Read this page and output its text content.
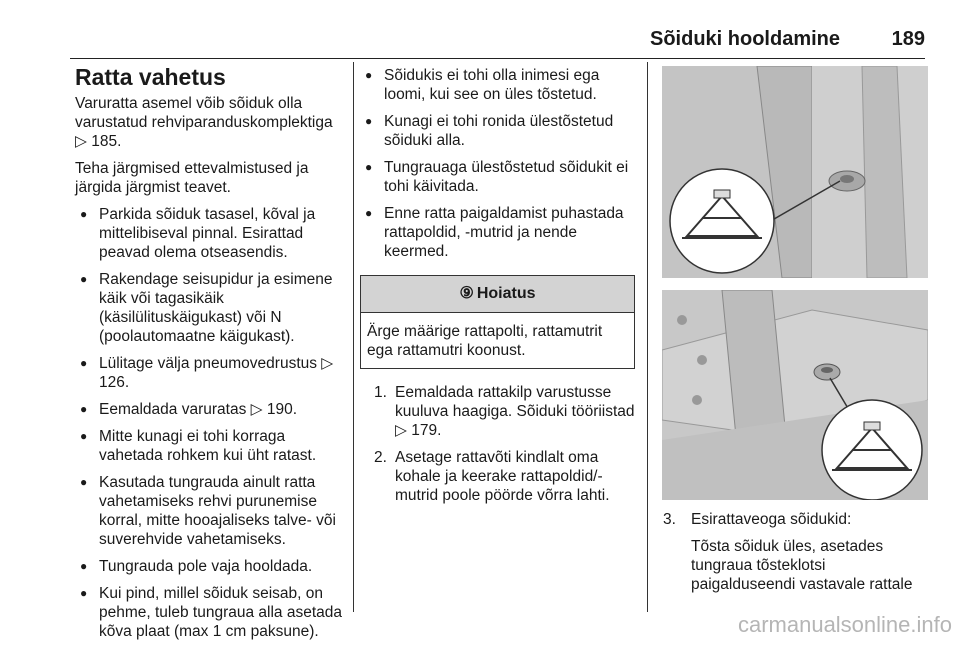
Sõiduki hooldamine	189
Ratta vahetus

Varuratta asemel võib sõiduk olla varustatud rehviparanduskomplektiga ▷ 185.

Teha järgmised ettevalmistused ja järgida järgmist teavet.

● Parkida sõiduk tasasel, kõval ja mittelibiseval pinnal. Esirattad peavad olema otseasendis.
● Rakendage seisupidur ja esimene käik või tagasikäik (käsilülituskäigukast) või N (poolautomaatne käigukast).
● Lülitage välja pneumovedrustus ▷ 126.
● Eemaldada varuratas ▷ 190.
● Mitte kunagi ei tohi korraga vahetada rohkem kui üht ratast.
● Kasutada tungrauda ainult ratta vahetamiseks rehvi purunemise korral, mitte hooajaliseks talve- või suverehvide vahetamiseks.
● Tungrauda pole vaja hooldada.
● Kui pind, millel sõiduk seisab, on pehme, tuleb tungraua alla asetada kõva plaat (max 1 cm paksune).
● Sõidukis ei tohi olla inimesi ega loomi, kui see on üles tõstetud.
● Kunagi ei tohi ronida ülestõstetud sõiduki alla.
● Tungrauaga ülestõstetud sõidukit ei tohi käivitada.
● Enne ratta paigaldamist puhastada rattapoldid, -mutrid ja nende keermed.
⑨ Hoiatus
Ärge määrige rattapolti, rattamutrit ega rattamutri koonust.
1. Eemaldada rattakilp varustusse kuuluva haagiga. Sõiduki tööriistad ▷ 179.
2. Asetage rattavõti kindlalt oma kohale ja keerake rattapoldid/-mutrid poole pöörde võrra lahti.
3. Esirattaveoga sõidukid:
Tõsta sõiduk üles, asetades tungraua tõsteklotsi paigalduseendi vastavale rattale
carmanualsonline.info
